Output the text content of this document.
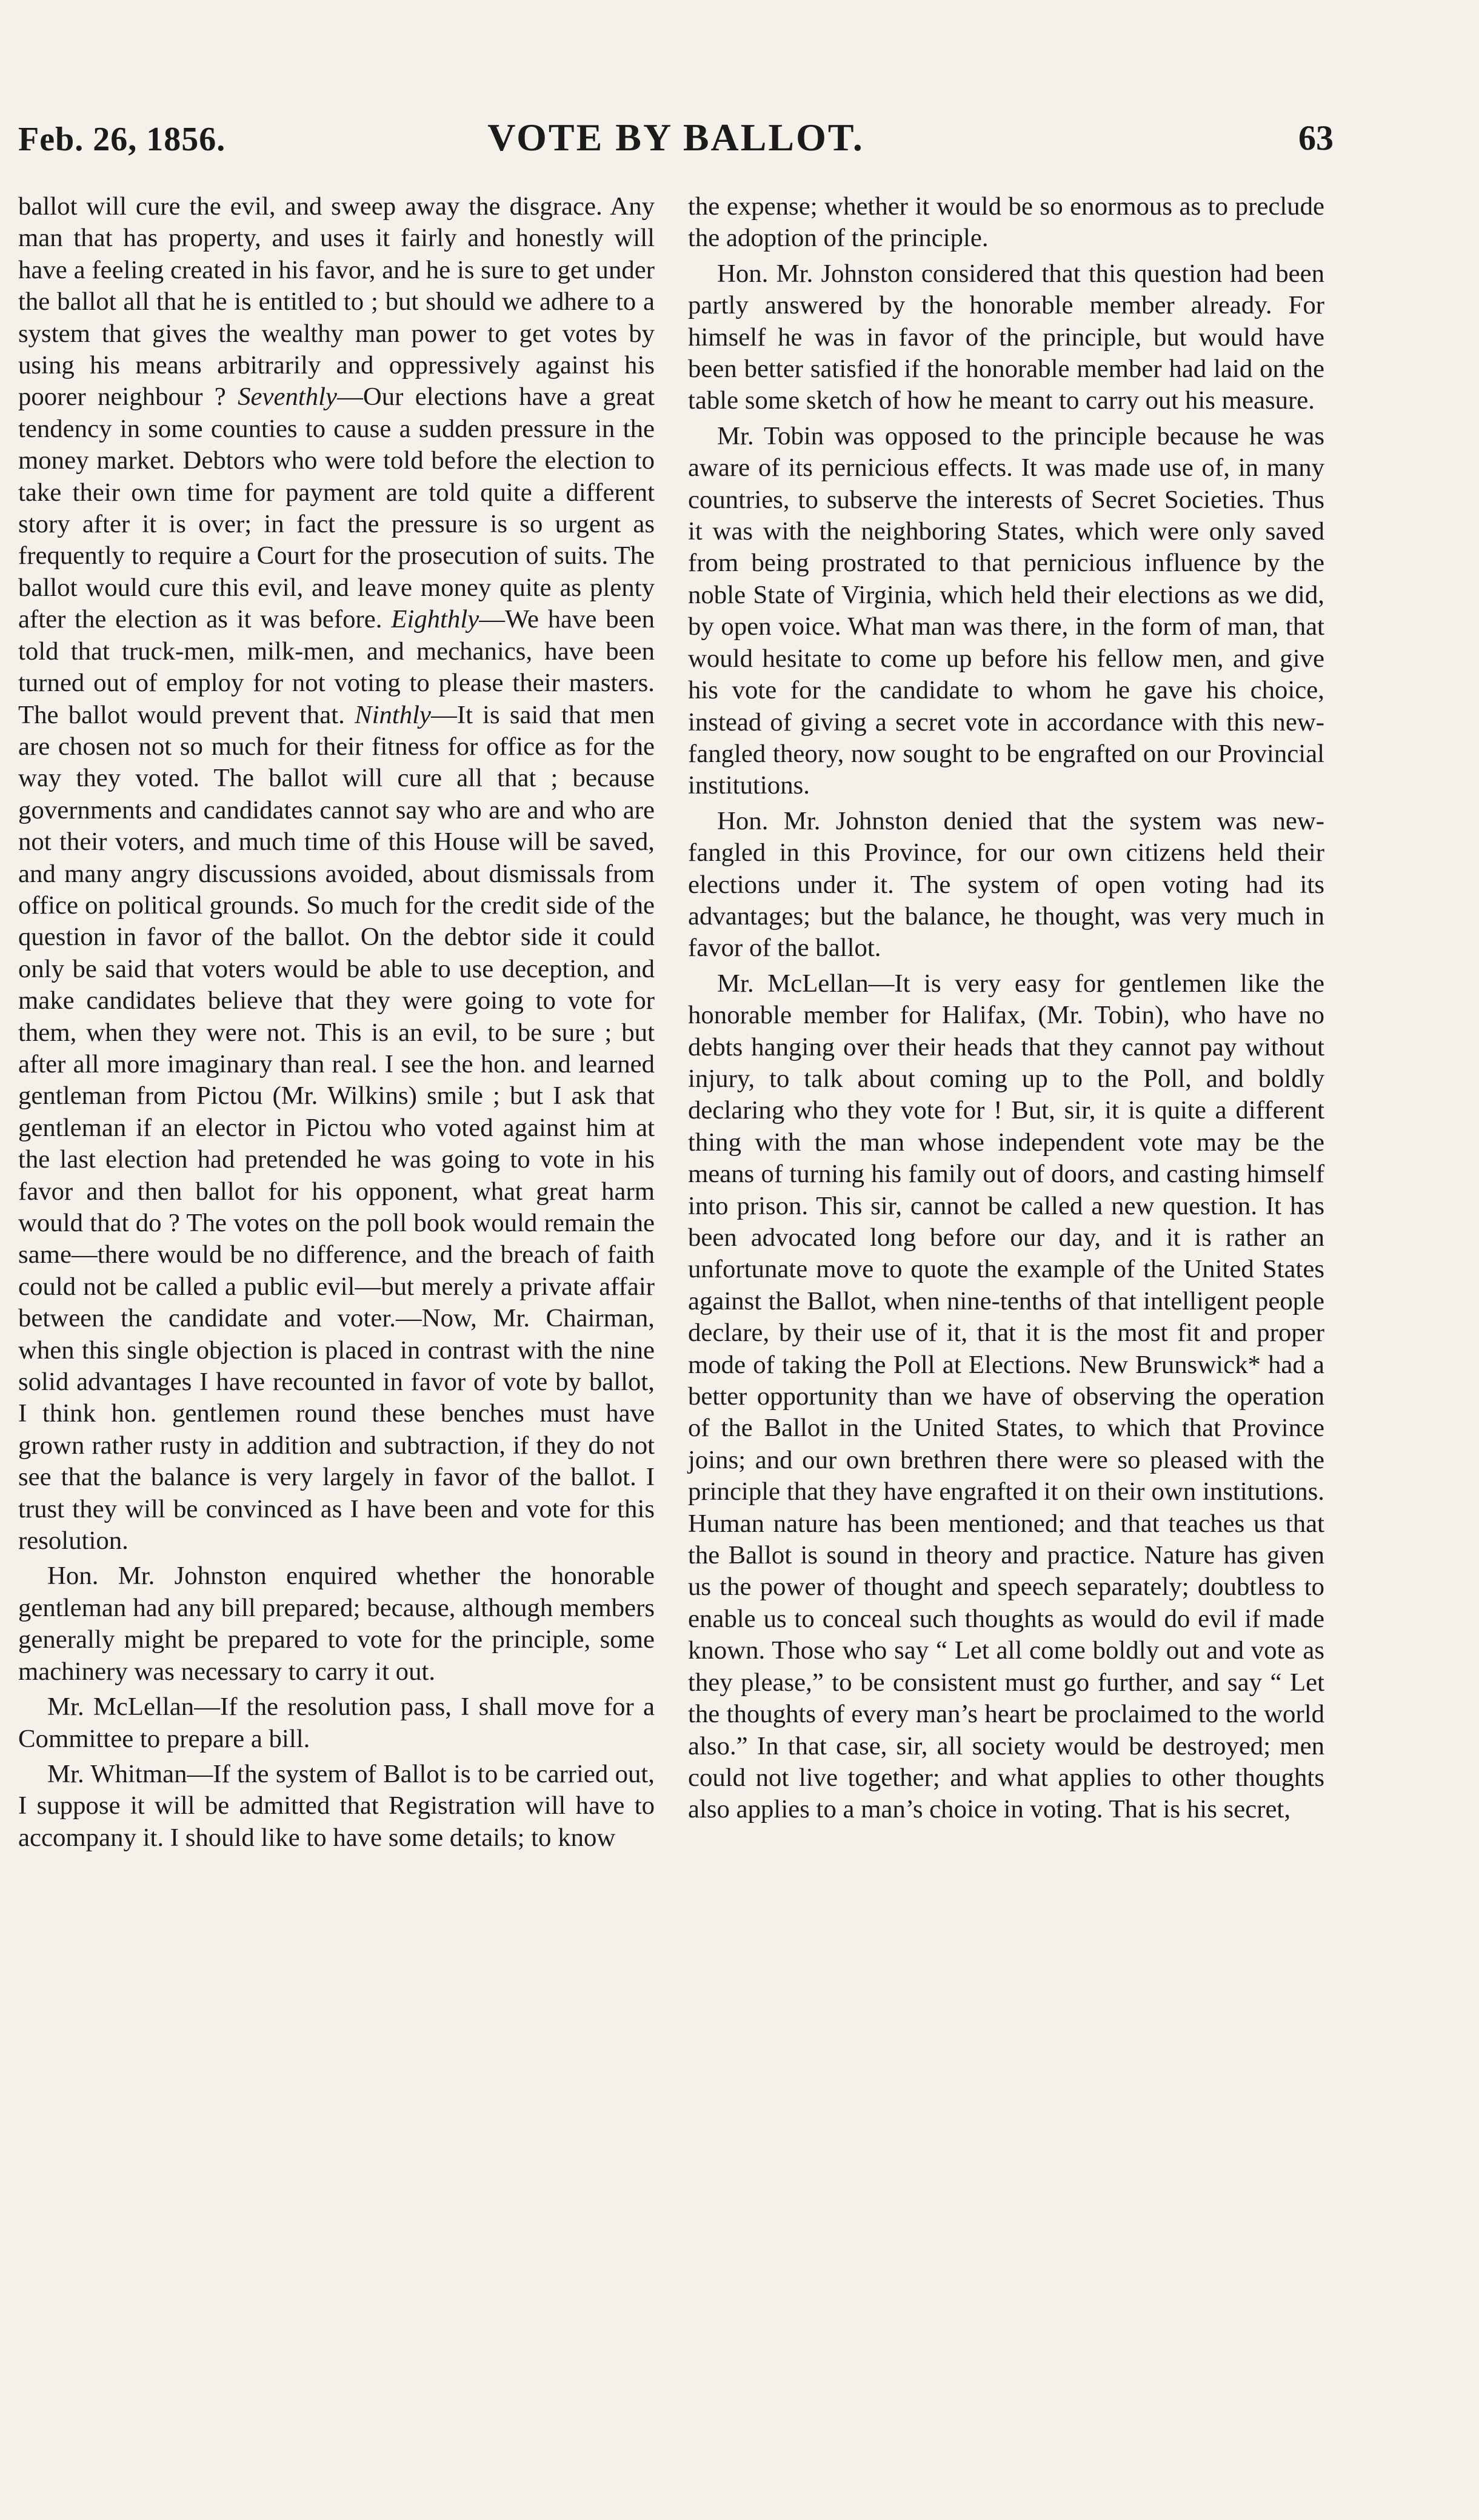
Feb. 26, 1856.	VOTE BY BALLOT.	63

ballot will cure the evil, and sweep away the disgrace. Any man that has property, and uses it fairly and honestly will have a feeling created in his favor, and he is sure to get under the ballot all that he is entitled to ; but should we adhere to a system that gives the wealthy man power to get votes by using his means arbitrarily and oppressively against his poorer neighbour ? Seventhly—Our elections have a great tendency in some counties to cause a sudden pressure in the money market. Debtors who were told before the election to take their own time for payment are told quite a different story after it is over; in fact the pressure is so urgent as frequently to require a Court for the prosecution of suits. The ballot would cure this evil, and leave money quite as plenty after the election as it was before. Eighthly—We have been told that truck-men, milk-men, and mechanics, have been turned out of employ for not voting to please their masters. The ballot would prevent that. Ninthly—It is said that men are chosen not so much for their fitness for office as for the way they voted. The ballot will cure all that ; because governments and candidates cannot say who are and who are not their voters, and much time of this House will be saved, and many angry discussions avoided, about dismissals from office on political grounds. So much for the credit side of the question in favor of the ballot. On the debtor side it could only be said that voters would be able to use deception, and make candidates believe that they were going to vote for them, when they were not. This is an evil, to be sure ; but after all more imaginary than real. I see the hon. and learned gentleman from Pictou (Mr. Wilkins) smile ; but I ask that gentleman if an elector in Pictou who voted against him at the last election had pretended he was going to vote in his favor and then ballot for his opponent, what great harm would that do ? The votes on the poll book would remain the same—there would be no difference, and the breach of faith could not be called a public evil—but merely a private affair between the candidate and voter.—Now, Mr. Chairman, when this single objection is placed in contrast with the nine solid advantages I have recounted in favor of vote by ballot, I think hon. gentlemen round these benches must have grown rather rusty in addition and subtraction, if they do not see that the balance is very largely in favor of the ballot. I trust they will be convinced as I have been and vote for this resolution.

Hon. Mr. Johnston enquired whether the honorable gentleman had any bill prepared; because, although members generally might be prepared to vote for the principle, some machinery was necessary to carry it out.

Mr. McLellan—If the resolution pass, I shall move for a Committee to prepare a bill.

Mr. Whitman—If the system of Ballot is to be carried out, I suppose it will be admitted that Registration will have to accompany it. I should like to have some details; to know

the expense; whether it would be so enormous as to preclude the adoption of the principle.

Hon. Mr. Johnston considered that this question had been partly answered by the honorable member already. For himself he was in favor of the principle, but would have been better satisfied if the honorable member had laid on the table some sketch of how he meant to carry out his measure.

Mr. Tobin was opposed to the principle because he was aware of its pernicious effects. It was made use of, in many countries, to subserve the interests of Secret Societies. Thus it was with the neighboring States, which were only saved from being prostrated to that pernicious influence by the noble State of Virginia, which held their elections as we did, by open voice. What man was there, in the form of man, that would hesitate to come up before his fellow men, and give his vote for the candidate to whom he gave his choice, instead of giving a secret vote in accordance with this new-fangled theory, now sought to be engrafted on our Provincial institutions.

Hon. Mr. Johnston denied that the system was new-fangled in this Province, for our own citizens held their elections under it. The system of open voting had its advantages; but the balance, he thought, was very much in favor of the ballot.

Mr. McLellan—It is very easy for gentlemen like the honorable member for Halifax, (Mr. Tobin), who have no debts hanging over their heads that they cannot pay without injury, to talk about coming up to the Poll, and boldly declaring who they vote for ! But, sir, it is quite a different thing with the man whose independent vote may be the means of turning his family out of doors, and casting himself into prison. This sir, cannot be called a new question. It has been advocated long before our day, and it is rather an unfortunate move to quote the example of the United States against the Ballot, when nine-tenths of that intelligent people declare, by their use of it, that it is the most fit and proper mode of taking the Poll at Elections. New Brunswick* had a better opportunity than we have of observing the operation of the Ballot in the United States, to which that Province joins; and our own brethren there were so pleased with the principle that they have engrafted it on their own institutions. Human nature has been mentioned; and that teaches us that the Ballot is sound in theory and practice. Nature has given us the power of thought and speech separately; doubtless to enable us to conceal such thoughts as would do evil if made known. Those who say “ Let all come boldly out and vote as they please,” to be consistent must go further, and say “ Let the thoughts of every man’s heart be proclaimed to the world also.” In that case, sir, all society would be destroyed; men could not live together; and what applies to other thoughts also applies to a man’s choice in voting. That is his secret,
